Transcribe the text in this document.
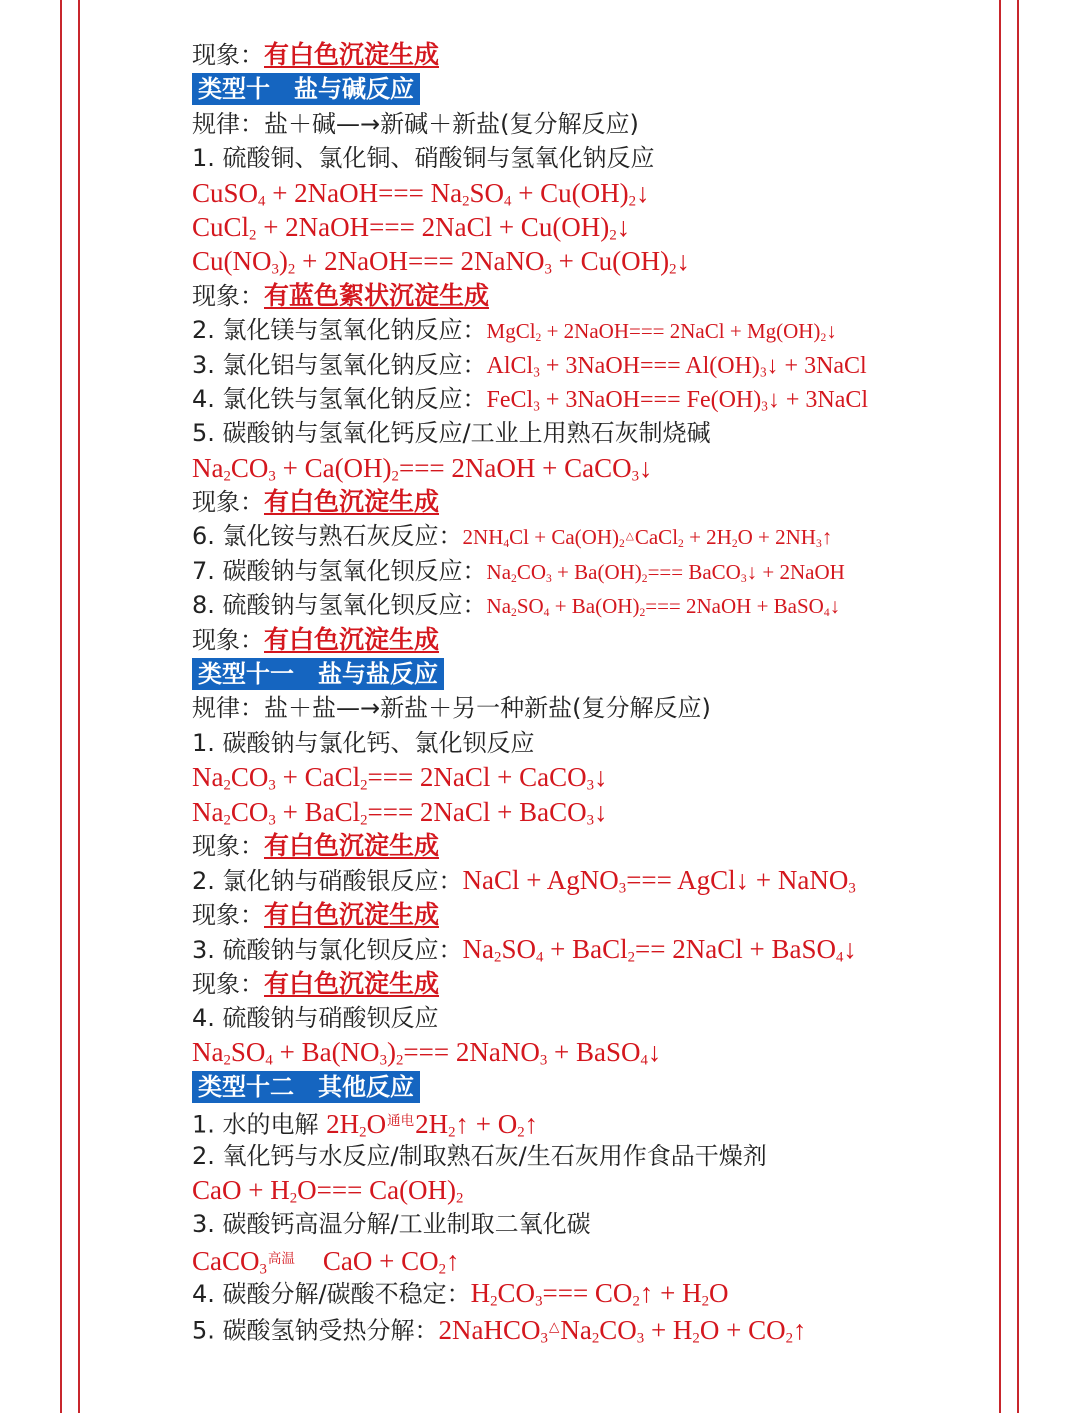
现象：有白色沉淀生成
类型十　盐与碱反应
规律：盐＋碱—→新碱＋新盐(复分解反应)
1. 硫酸铜、氯化铜、硝酸铜与氢氧化钠反应
CuSO$_4$ + 2NaOH=== $Na_2SO_4$ + $Cu(OH)_2↓$
CuCl$_2$ + 2NaOH=== 2NaCl + $Cu(OH)_2↓$
$Cu(NO_3)_2$ + 2NaOH=== 2NaNO$_3$ + $Cu(OH)_2↓$
现象：有蓝色絮状沉淀生成
2. 氯化镁与氢氧化钠反应：MgCl$_2$ + 2NaOH=== 2NaCl + $Mg(OH)_2↓$
3. 氯化铝与氢氧化钠反应：AlCl$_3$ + 3NaOH=== $Al(OH)_3↓$ + 3NaCl
4. 氯化铁与氢氧化钠反应：FeCl$_3$ + 3NaOH=== $Fe(OH)_3↓$ + 3NaCl
5. 碳酸钠与氢氧化钙反应/工业上用熟石灰制烧碱
$Na_2CO_3 + Ca(OH)_2===$ 2NaOH + CaCO$_3$↓
现象：有白色沉淀生成
6. 氯化铵与熟石灰反应：$2NH_4Cl$ + $Ca(OH)_2\triangle CaCl_2 + 2H_2O$ + $2NH_3↑$
7. 碳酸钠与氢氧化钡反应：$Na_2CO_3 + Ba(OH)_2===$ BaCO$_3$↓ + 2NaOH
8. 硫酸钠与氢氧化钡反应：$Na_2SO_4 + Ba(OH)_2===$ 2NaOH + BaSO$_4$↓
现象：有白色沉淀生成
类型十一　盐与盐反应
规律：盐＋盐—→新盐＋另一种新盐(复分解反应)
1. 碳酸钠与氯化钙、氯化钡反应
$Na_2CO_3$ + CaCl$_2$=== 2NaCl + CaCO$_3$↓
$Na_2CO_3$ + BaCl$_2$=== 2NaCl + BaCO$_3$↓
现象：有白色沉淀生成
2. 氯化钠与硝酸银反应：NaCl + AgNO$_3$=== AgCl↓ + NaNO$_3$
现象：有白色沉淀生成
3. 硫酸钠与氯化钡反应：$Na_2SO_4$ + BaCl$_2$== 2NaCl + BaSO$_4$↓
现象：有白色沉淀生成
4. 硫酸钠与硝酸钡反应
$Na_2SO_4 + Ba(NO_3)_2===$ 2NaNO$_3$ + BaSO$_4$↓
类型十二　其他反应
1. 水的电解 $2H_2O$通电$2H_2↑$ + $O_2↑$
2. 氧化钙与水反应/制取熟石灰/生石灰用作食品干燥剂
CaO + $H_2O=== Ca(OH)_2$
3. 碳酸钙高温分解/工业制取二氧化碳
CaCO$_3$高温　CaO + $CO_2↑$
4. 碳酸分解/碳酸不稳定：$H_2CO_3===$ $CO_2↑ + H_2O$
5. 碳酸氢钠受热分解：$2NaHCO_3\triangle Na_2CO_3 + H_2O$ + $CO_2↑$
